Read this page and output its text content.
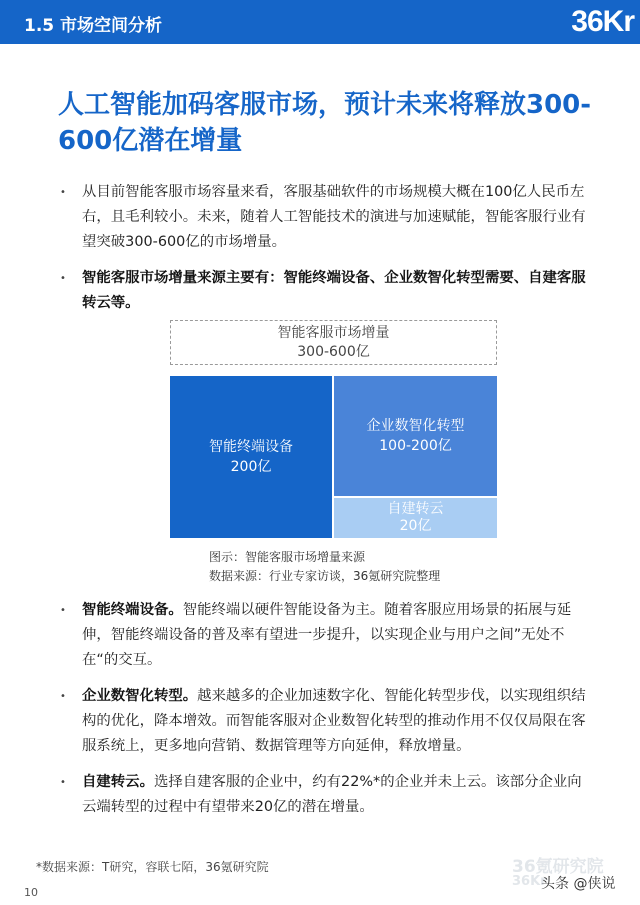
1.5 市场空间分析	36Kr
人工智能加码客服市场，预计未来将释放300-600亿潜在增量
• 从目前智能客服市场容量来看，客服基础软件的市场规模大概在100亿人民币左右，且毛利较小。未来，随着人工智能技术的演进与加速赋能，智能客服行业有望突破300-600亿的市场增量。
• 智能客服市场增量来源主要有：智能终端设备、企业数智化转型需要、自建客服转云等。
智能客服市场增量
300-600亿
智能终端设备
200亿
企业数智化转型
100-200亿
自建转云
20亿
图示：智能客服市场增量来源
数据来源：行业专家访谈，36氪研究院整理
• 智能终端设备。智能终端以硬件智能设备为主。随着客服应用场景的拓展与延伸，智能终端设备的普及率有望进一步提升，以实现企业与用户之间”无处不在“的交互。
• 企业数智化转型。越来越多的企业加速数字化、智能化转型步伐，以实现组织结构的优化，降本增效。而智能客服对企业数智化转型的推动作用不仅仅局限在客服系统上，更多地向营销、数据管理等方向延伸，释放增量。
• 自建转云。选择自建客服的企业中，约有22%*的企业并未上云。该部分企业向云端转型的过程中有望带来20亿的潜在增量。
*数据来源：T研究，容联七陌，36氪研究院
10
36氪研究院
36Kr
头条 @侠说
